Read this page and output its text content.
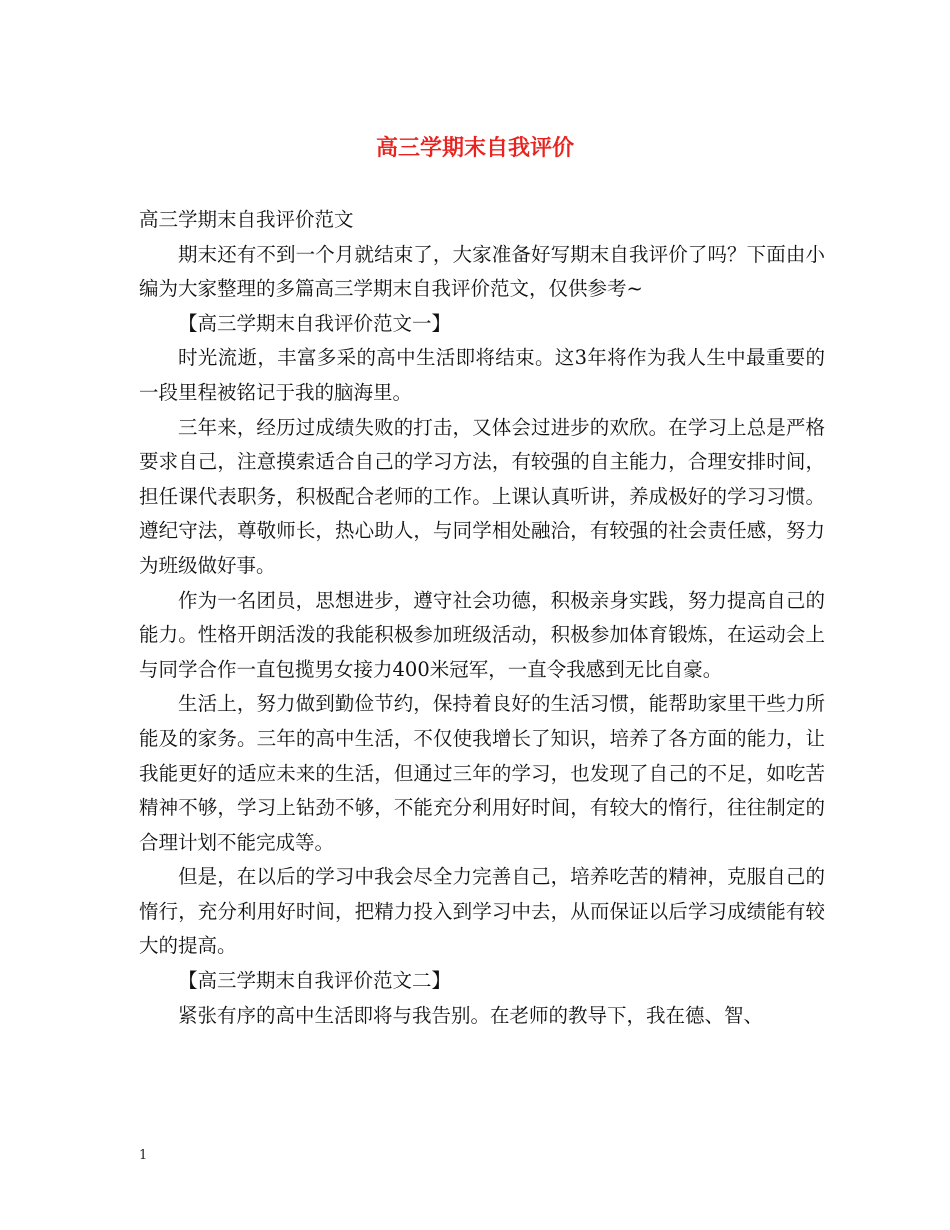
高三学期末自我评价

高三学期末自我评价范文

期末还有不到一个月就结束了，大家准备好写期末自我评价了吗？下面由小编为大家整理的多篇高三学期末自我评价范文，仅供参考~

【高三学期末自我评价范文一】

时光流逝，丰富多采的高中生活即将结束。这3年将作为我人生中最重要的一段里程被铭记于我的脑海里。

三年来，经历过成绩失败的打击，又体会过进步的欢欣。在学习上总是严格要求自己，注意摸索适合自己的学习方法，有较强的自主能力，合理安排时间，担任课代表职务，积极配合老师的工作。上课认真听讲，养成极好的学习习惯。遵纪守法，尊敬师长，热心助人，与同学相处融洽，有较强的社会责任感，努力为班级做好事。

作为一名团员，思想进步，遵守社会功德，积极亲身实践，努力提高自己的能力。性格开朗活泼的我能积极参加班级活动，积极参加体育锻炼，在运动会上与同学合作一直包揽男女接力400米冠军，一直令我感到无比自豪。

生活上，努力做到勤俭节约，保持着良好的生活习惯，能帮助家里干些力所能及的家务。三年的高中生活，不仅使我增长了知识，培养了各方面的能力，让我能更好的适应未来的生活，但通过三年的学习，也发现了自己的不足，如吃苦精神不够，学习上钻劲不够，不能充分利用好时间，有较大的惰行，往往制定的合理计划不能完成等。

但是，在以后的学习中我会尽全力完善自己，培养吃苦的精神，克服自己的惰行，充分利用好时间，把精力投入到学习中去，从而保证以后学习成绩能有较大的提高。

【高三学期末自我评价范文二】

紧张有序的高中生活即将与我告别。在老师的教导下，我在德、智、

1
